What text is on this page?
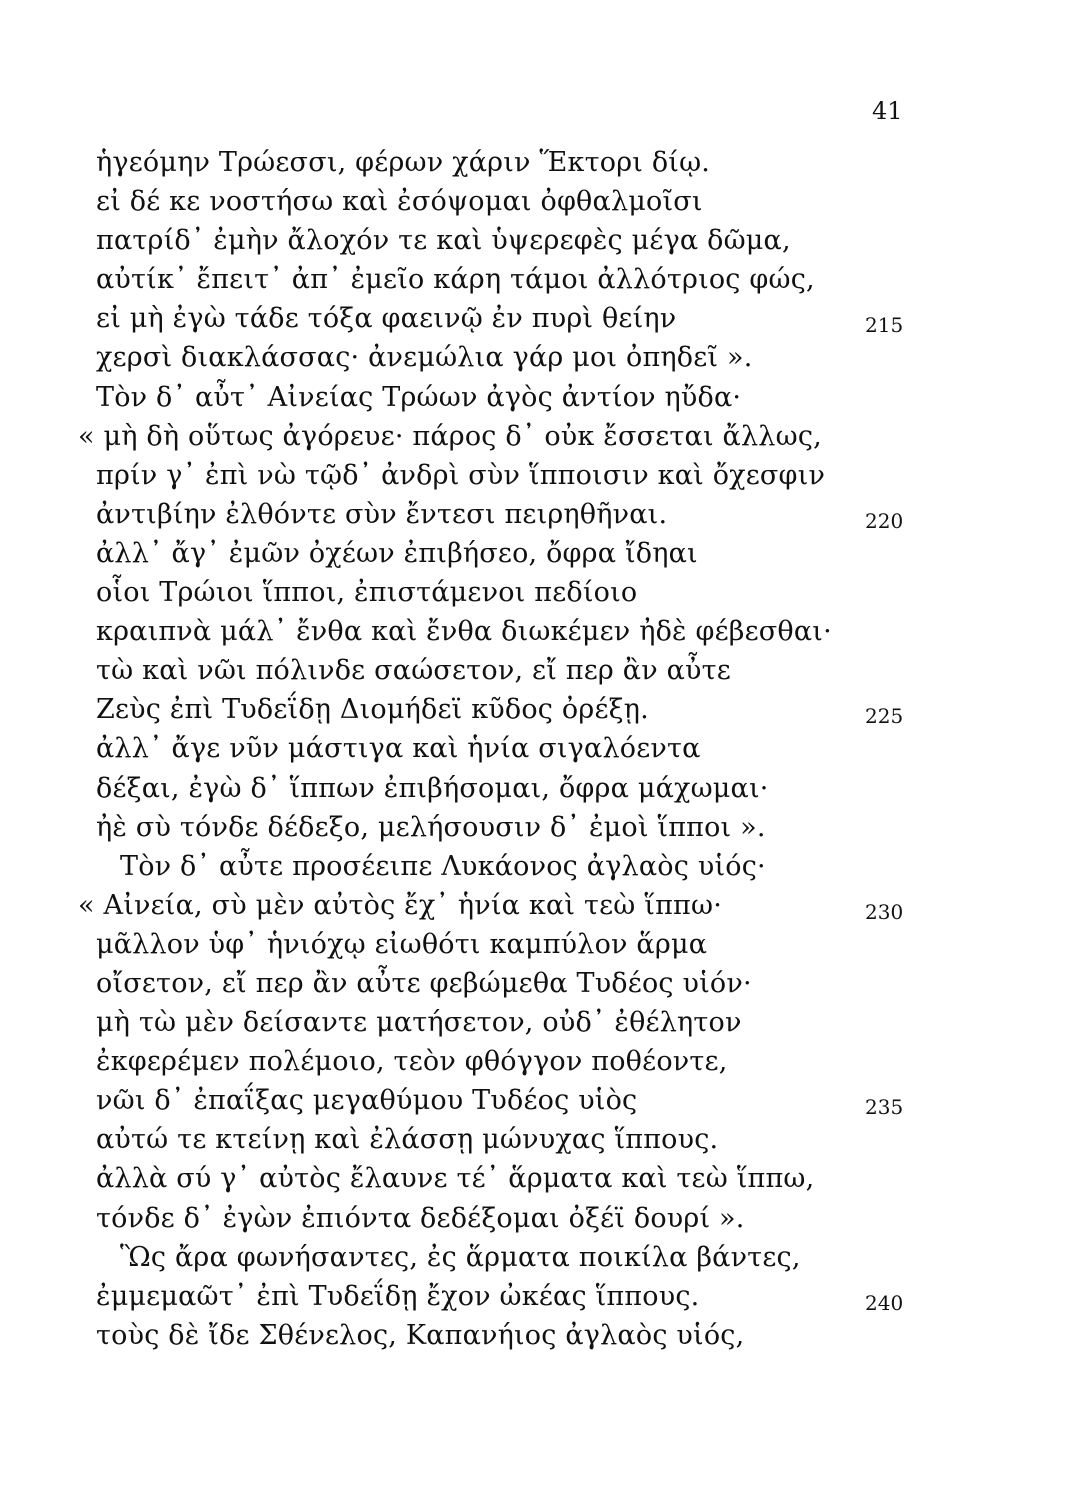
41
ἡγεόμην Τρώεσσι, φέρων χάριν Ἕκτορι δίῳ.
εἰ δέ κε νοστήσω καὶ ἐσόψομαι ὀφθαλμοῖσι
πατρίδ᾽ ἐμὴν ἄλοχόν τε καὶ ὑψερεφὲς μέγα δῶμα,
αὐτίκ᾽ ἔπειτ᾽ ἀπ᾽ ἐμεῖο κάρη τάμοι ἀλλότριος φώς,
εἰ μὴ ἐγὼ τάδε τόξα φαεινῷ ἐν πυρὶ θείην	215
χερσὶ διακλάσσας· ἀνεμώλια γάρ μοι ὀπηδεῖ ».
Τὸν δ᾽ αὖτ᾽ Αἰνείας Τρώων ἀγὸς ἀντίον ηὔδα·
« μὴ δὴ οὕτως ἀγόρευε· πάρος δ᾽ οὐκ ἔσσεται ἄλλως,
πρίν γ᾽ ἐπὶ νὼ τῷδ᾽ ἀνδρὶ σὺν ἵπποισιν καὶ ὄχεσφιν
ἀντιβίην ἐλθόντε σὺν ἔντεσι πειρηθῆναι.	220
ἀλλ᾽ ἄγ᾽ ἐμῶν ὀχέων ἐπιβήσεο, ὄφρα ἴδηαι
οἷοι Τρώιοι ἵπποι, ἐπιστάμενοι πεδίοιο
κραιπνὰ μάλ᾽ ἔνθα καὶ ἔνθα διωκέμεν ἠδὲ φέβεσθαι·
τὼ καὶ νῶι πόλινδε σαώσετον, εἴ περ ἂν αὖτε
Ζεὺς ἐπὶ Τυδεΐδῃ Διομήδεϊ κῦδος ὀρέξῃ.	225
ἀλλ᾽ ἄγε νῦν μάστιγα καὶ ἡνία σιγαλόεντα
δέξαι, ἐγὼ δ᾽ ἵππων ἐπιβήσομαι, ὄφρα μάχωμαι·
ἠὲ σὺ τόνδε δέδεξο, μελήσουσιν δ᾽ ἐμοὶ ἵπποι ».
Τὸν δ᾽ αὖτε προσέειπε Λυκάονος ἀγλαὸς υἱός·
« Αἰνεία, σὺ μὲν αὐτὸς ἔχ᾽ ἡνία καὶ τεὼ ἵππω·	230
μᾶλλον ὑφ᾽ ἡνιόχῳ εἰωθότι καμπύλον ἅρμα
οἴσετον, εἴ περ ἂν αὖτε φεβώμεθα Τυδέος υἱόν·
μὴ τὼ μὲν δείσαντε ματήσετον, οὐδ᾽ ἐθέλητον
ἐκφερέμεν πολέμοιο, τεὸν φθόγγον ποθέοντε,
νῶι δ᾽ ἐπαΐξας μεγαθύμου Τυδέος υἱὸς	235
αὐτώ τε κτείνῃ καὶ ἐλάσσῃ μώνυχας ἵππους.
ἀλλὰ σύ γ᾽ αὐτὸς ἔλαυνε τέ᾽ ἅρματα καὶ τεὼ ἵππω,
τόνδε δ᾽ ἐγὼν ἐπιόντα δεδέξομαι ὀξέϊ δουρί ».
Ὣς ἄρα φωνήσαντες, ἐς ἅρματα ποικίλα βάντες,
ἐμμεμαῶτ᾽ ἐπὶ Τυδεΐδῃ ἔχον ὠκέας ἵππους.	240
τοὺς δὲ ἴδε Σθένελος, Καπανήιος ἀγλαὸς υἱός,
